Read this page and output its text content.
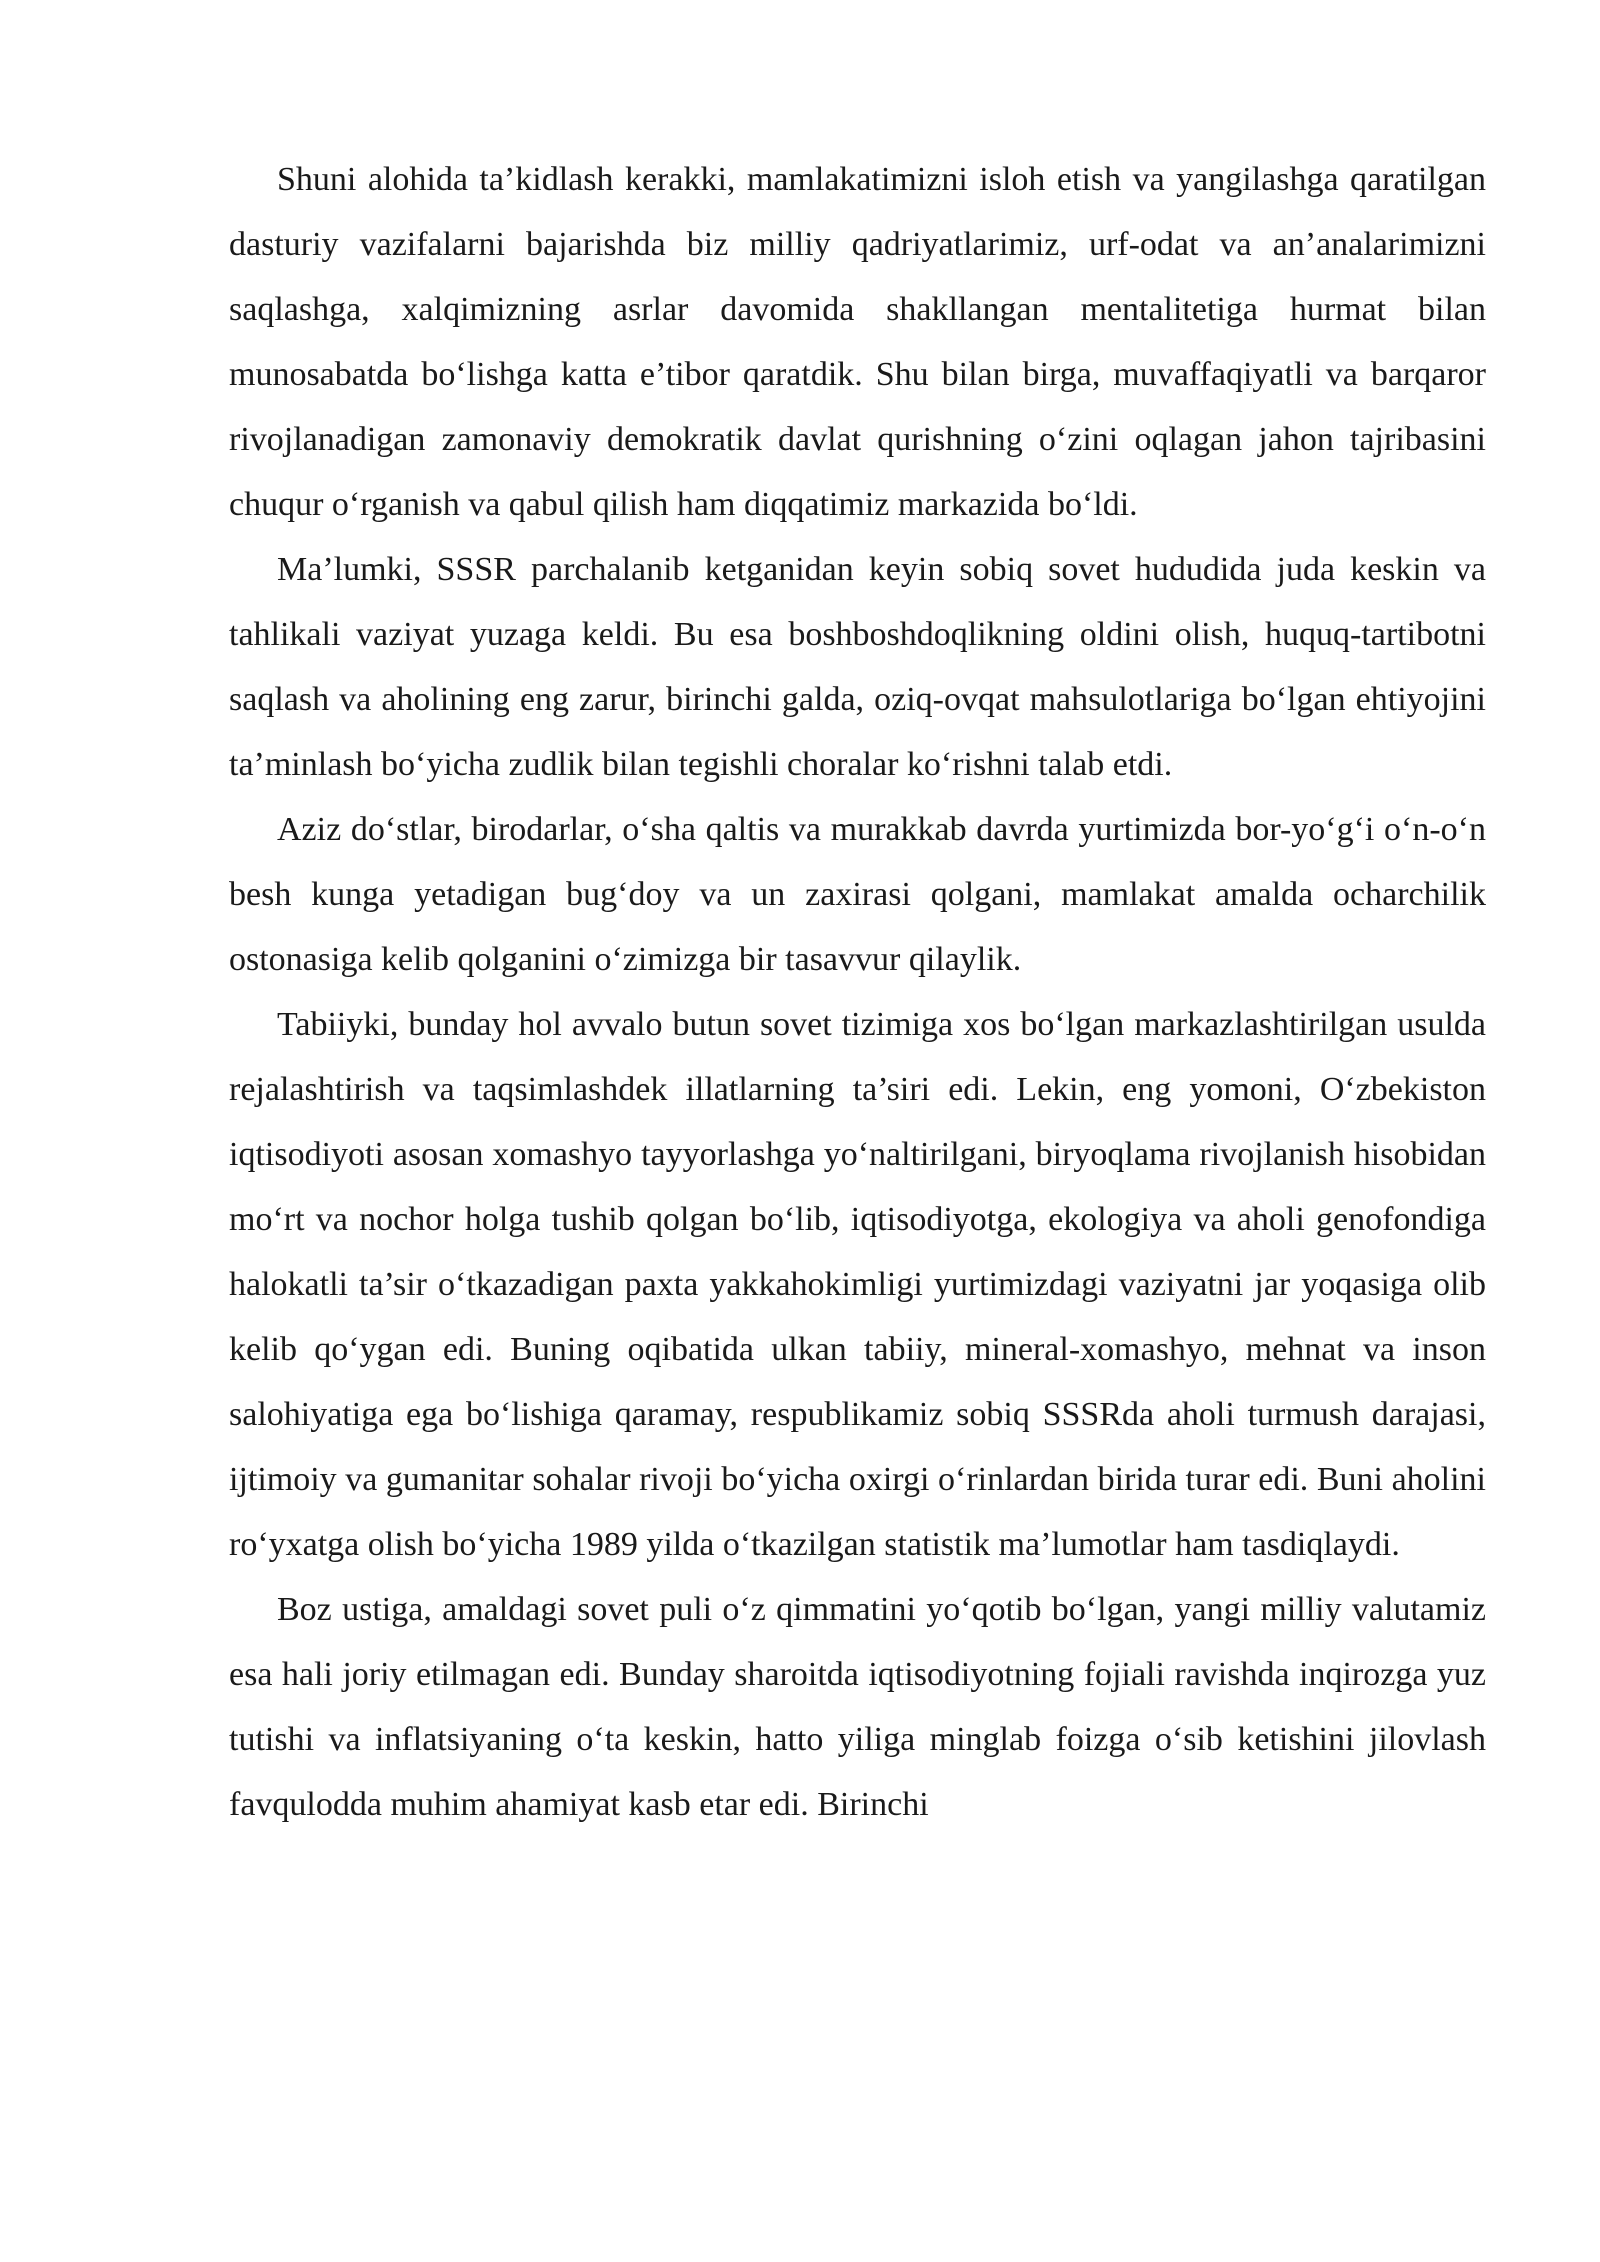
Shuni alohida ta’kidlash kerakki, mamlakatimizni isloh etish va yangilashga qaratilgan dasturiy vazifalarni bajarishda biz milliy qadriyatlarimiz, urf-odat va an’analarimizni saqlashga, xalqimizning asrlar davomida shakllangan mentalitetiga hurmat bilan munosabatda bo‘lishga katta e’tibor qaratdik. Shu bilan birga, muvaffaqiyatli va barqaror rivojlanadigan zamonaviy demokratik davlat qurishning o‘zini oqlagan jahon tajribasini chuqur o‘rganish va qabul qilish ham diqqatimiz markazida bo‘ldi.

Ma’lumki, SSSR parchalanib ketganidan keyin sobiq sovet hududida juda keskin va tahlikali vaziyat yuzaga keldi. Bu esa boshboshdoqlikning oldini olish, huquq-tartibotni saqlash va aholining eng zarur, birinchi galda, oziq-ovqat mahsulotlariga bo‘lgan ehtiyojini ta’minlash bo‘yicha zudlik bilan tegishli choralar ko‘rishni talab etdi.

Aziz do‘stlar, birodarlar, o‘sha qaltis va murakkab davrda yurtimizda bor-yo‘g‘i o‘n-o‘n besh kunga yetadigan bug‘doy va un zaxirasi qolgani, mamlakat amalda ocharchilik ostonasiga kelib qolganini o‘zimizga bir tasavvur qilaylik.

Tabiiyki, bunday hol avvalo butun sovet tizimiga xos bo‘lgan markazlashtirilgan usulda rejalashtirish va taqsimlashdek illatlarning ta’siri edi. Lekin, eng yomoni, O‘zbekiston iqtisodiyoti asosan xomashyo tayyorlashga yo‘naltirilgani, biryoqlama rivojlanish hisobidan mo‘rt va nochor holga tushib qolgan bo‘lib, iqtisodiyotga, ekologiya va aholi genofondiga halokatli ta’sir o‘tkazadigan paxta yakkahokimligi yurtimizdagi vaziyatni jar yoqasiga olib kelib qo‘ygan edi. Buning oqibatida ulkan tabiiy, mineral-xomashyo, mehnat va inson salohiyatiga ega bo‘lishiga qaramay, respublikamiz sobiq SSSRda aholi turmush darajasi, ijtimoiy va gumanitar sohalar rivoji bo‘yicha oxirgi o‘rinlardan birida turar edi. Buni aholini ro‘yxatga olish bo‘yicha 1989 yilda o‘tkazilgan statistik ma’lumotlar ham tasdiqlaydi.

Boz ustiga, amaldagi sovet puli o‘z qimmatini yo‘qotib bo‘lgan, yangi milliy valutamiz esa hali joriy etilmagan edi. Bunday sharoitda iqtisodiyotning fojiali ravishda inqirozga yuz tutishi va inflatsiyaning o‘ta keskin, hatto yiliga minglab foizga o‘sib ketishini jilovlash favqulodda muhim ahamiyat kasb etar edi. Birinchi
